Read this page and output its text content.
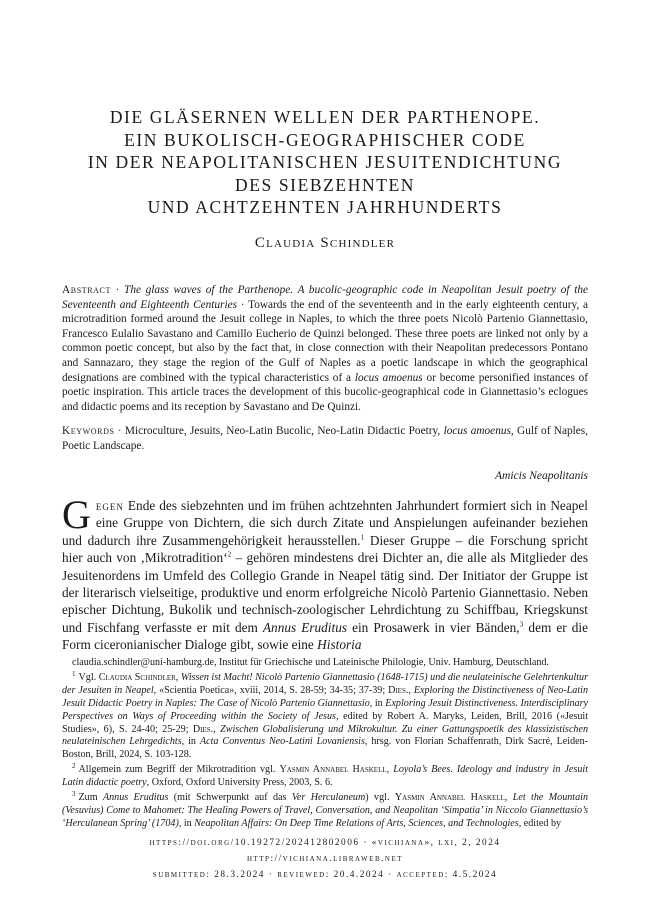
DIE GLÄSERNEN WELLEN DER PARTHENOPE.
EIN BUKOLISCH-GEOGRAPHISCHER CODE
IN DER NEAPOLITANISCHEN JESUITENDICHTUNG
DES SIEBZEHNTEN
UND ACHTZEHNTEN JAHRHUNDERTS
Claudia Schindler
Abstract · The glass waves of the Parthenope. A bucolic-geographic code in Neapolitan Jesuit poetry of the Seventeenth and Eighteenth Centuries · Towards the end of the seventeenth and in the early eighteenth century, a microtradition formed around the Jesuit college in Naples, to which the three poets Nicolò Partenio Giannettasio, Francesco Eulalio Savastano and Camillo Eucherio de Quinzi belonged. These three poets are linked not only by a common poetic concept, but also by the fact that, in close connection with their Neapolitan predecessors Pontano and Sannazaro, they stage the region of the Gulf of Naples as a poetic landscape in which the geographical designations are combined with the typical characteristics of a locus amoenus or become personified instances of poetic inspiration. This article traces the development of this bucolic-geographical code in Giannettasio’s eclogues and didactic poems and its reception by Savastano and De Quinzi.
Keywords · Microculture, Jesuits, Neo-Latin Bucolic, Neo-Latin Didactic Poetry, locus amoenus, Gulf of Naples, Poetic Landscape.
Amicis Neapolitanis
Gegen Ende des siebzehnten und im frühen achtzehnten Jahrhundert formiert sich in Neapel eine Gruppe von Dichtern, die sich durch Zitate und Anspielungen aufeinander beziehen und dadurch ihre Zusammengehörigkeit herausstellen.$^1$ Dieser Gruppe – die Forschung spricht hier auch von ‚Mikrotradition‘$^2$ – gehören mindestens drei Dichter an, die alle als Mitglieder des Jesuitenordens im Umfeld des Collegio Grande in Neapel tätig sind. Der Initiator der Gruppe ist der literarisch vielseitige, produktive und enorm erfolgreiche Nicolò Partenio Giannettasio. Neben epischer Dichtung, Bukolik und technisch-zoologischer Lehrdichtung zu Schiffbau, Kriegskunst und Fischfang verfasste er mit dem Annus Eruditus ein Prosawerk in vier Bänden,$^3$ dem er die Form ciceronianischer Dialoge gibt, sowie eine Historia

claudia.schindler@uni-hamburg.de, Institut für Griechische und Lateinische Philologie, Univ. Hamburg, Deutschland.

$^1$ Vgl. Claudia Schindler, Wissen ist Macht! Nicolò Partenio Giannettasio (1648-1715) und die neulateinische Gelehrtenkultur der Jesuiten in Neapel, «Scientia Poetica», xviii, 2014, S. 28-59; 34-35; 37-39; Dies., Exploring the Distinctiveness of Neo-Latin Jesuit Didactic Poetry in Naples: The Case of Nicolò Partenio Giannettasio, in Exploring Jesuit Distinctiveness. Interdisciplinary Perspectives on Ways of Proceeding within the Society of Jesus, edited by Robert A. Maryks, Leiden, Brill, 2016 («Jesuit Studies», 6), S. 24-40; 25-29; Dies., Zwischen Globalisierung und Mikrokultur. Zu einer Gattungspoetik des klassizistischen neulateinischen Lehrgedichts, in Acta Conventus Neo-Latini Lovaniensis, hrsg. von Florian Schaffenrath, Dirk Sacré, Leiden-Boston, Brill, 2024, S. 103-128.

$^2$ Allgemein zum Begriff der Mikrotradition vgl. Yasmin Annabel Haskell, Loyola’s Bees. Ideology and industry in Jesuit Latin didactic poetry, Oxford, Oxford University Press, 2003, S. 6.

$^3$ Zum Annus Eruditus (mit Schwerpunkt auf das Ver Herculaneum) vgl. Yasmin Annabel Haskell, Let the Mountain (Vesuvius) Come to Mahomet: The Healing Powers of Travel, Conversation, and Neapolitan ‘Simpatia’ in Niccolo Giannettasio’s ‘Herculanean Spring’ (1704), in Neapolitan Affairs: On Deep Time Relations of Arts, Sciences, and Technologies, edited by

https://doi.org/10.19272/202412802006 · «vichiana», lxi, 2, 2024
http://vichiana.libraweb.net
submitted: 28.3.2024 · reviewed: 20.4.2024 · accepted: 4.5.2024
